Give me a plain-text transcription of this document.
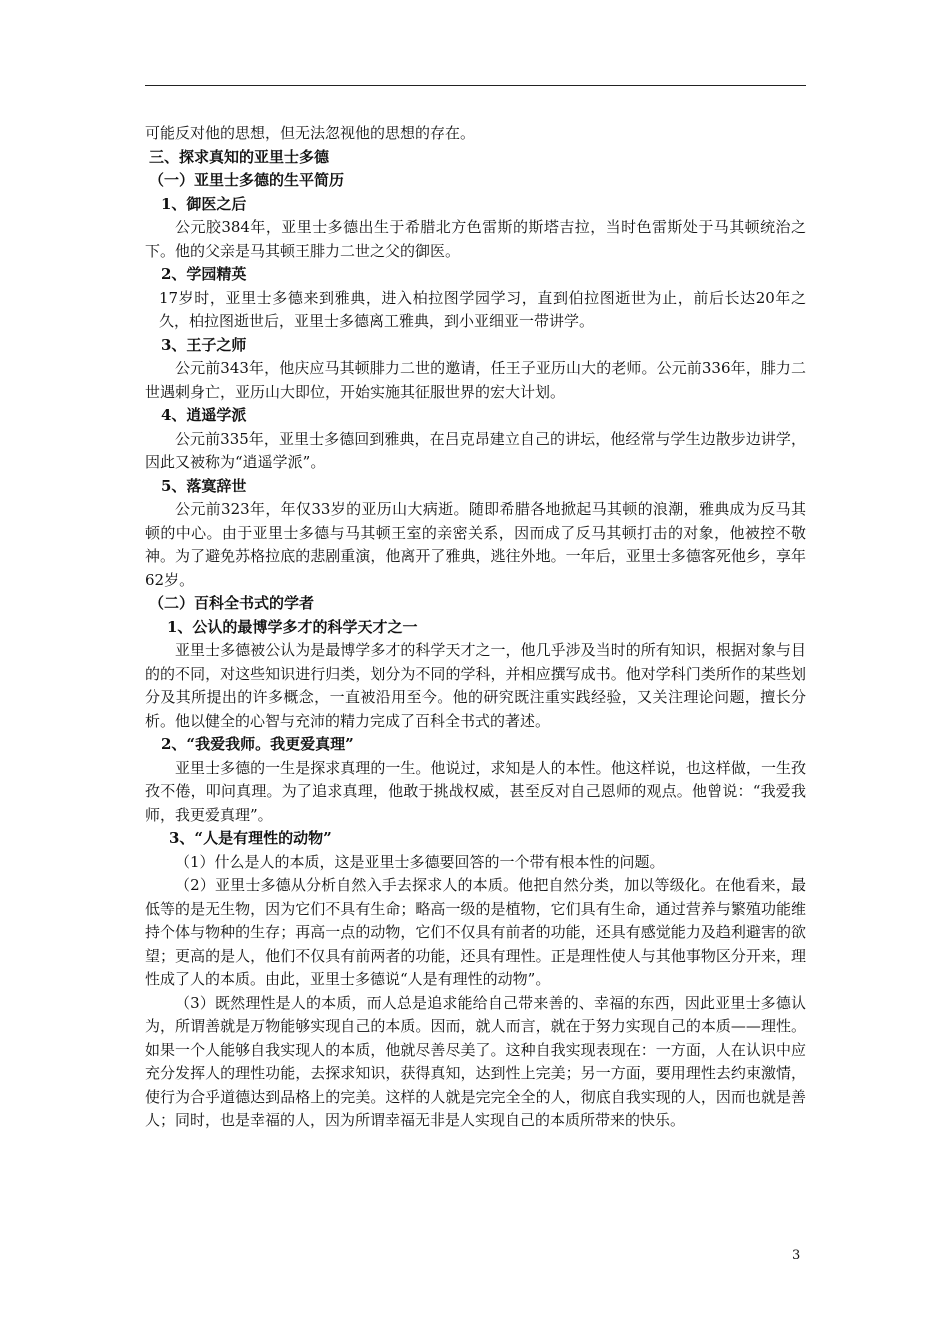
可能反对他的思想，但无法忽视他的思想的存在。

三、探求真知的亚里士多德

（一）亚里士多德的生平简历

1、御医之后

公元胶384年，亚里士多德出生于希腊北方色雷斯的斯塔吉拉，当时色雷斯处于马其顿统治之下。他的父亲是马其顿王腓力二世之父的御医。

2、学园精英

17岁时，亚里士多德来到雅典，进入柏拉图学园学习，直到伯拉图逝世为止，前后长达20年之久，柏拉图逝世后，亚里士多德离工雅典，到小亚细亚一带讲学。

3、王子之师

公元前343年，他庆应马其顿腓力二世的邀请，任王子亚历山大的老师。公元前336年，腓力二世遇刺身亡，亚历山大即位，开始实施其征服世界的宏大计划。

4、逍遥学派

公元前335年，亚里士多德回到雅典，在吕克昂建立自己的讲坛，他经常与学生边散步边讲学，因此又被称为“逍遥学派”。

5、落寞辞世

公元前323年，年仅33岁的亚历山大病逝。随即希腊各地掀起马其顿的浪潮，雅典成为反马其顿的中心。由于亚里士多德与马其顿王室的亲密关系，因而成了反马其顿打击的对象，他被控不敬神。为了避免苏格拉底的悲剧重演，他离开了雅典，逃往外地。一年后，亚里士多德客死他乡，享年62岁。

（二）百科全书式的学者

1、公认的最博学多才的科学天才之一

亚里士多德被公认为是最博学多才的科学天才之一，他几乎涉及当时的所有知识，根据对象与目的的不同，对这些知识进行归类，划分为不同的学科，并相应撰写成书。他对学科门类所作的某些划分及其所提出的许多概念，一直被沿用至今。他的研究既注重实践经验，又关注理论问题，擅长分析。他以健全的心智与充沛的精力完成了百科全书式的著述。

2、“我爱我师。我更爱真理”

亚里士多德的一生是探求真理的一生。他说过，求知是人的本性。他这样说，也这样做，一生孜孜不倦，叩问真理。为了追求真理，他敢于挑战权威，甚至反对自己恩师的观点。他曾说：“我爱我师，我更爱真理”。

3、“人是有理性的动物”

（1）什么是人的本质，这是亚里士多德要回答的一个带有根本性的问题。

（2）亚里士多德从分析自然入手去探求人的本质。他把自然分类，加以等级化。在他看来，最低等的是无生物，因为它们不具有生命；略高一级的是植物，它们具有生命，通过营养与繁殖功能维持个体与物种的生存；再高一点的动物，它们不仅具有前者的功能，还具有感觉能力及趋利避害的欲望；更高的是人，他们不仅具有前两者的功能，还具有理性。正是理性使人与其他事物区分开来，理性成了人的本质。由此，亚里士多德说“人是有理性的动物”。

（3）既然理性是人的本质，而人总是追求能给自己带来善的、幸福的东西，因此亚里士多德认为，所谓善就是万物能够实现自己的本质。因而，就人而言，就在于努力实现自己的本质——理性。如果一个人能够自我实现人的本质，他就尽善尽美了。这种自我实现表现在：一方面，人在认识中应充分发挥人的理性功能，去探求知识，获得真知，达到性上完美；另一方面，要用理性去约束激情，使行为合乎道德达到品格上的完美。这样的人就是完完全全的人，彻底自我实现的人，因而也就是善人；同时，也是幸福的人，因为所谓幸福无非是人实现自己的本质所带来的快乐。

3
